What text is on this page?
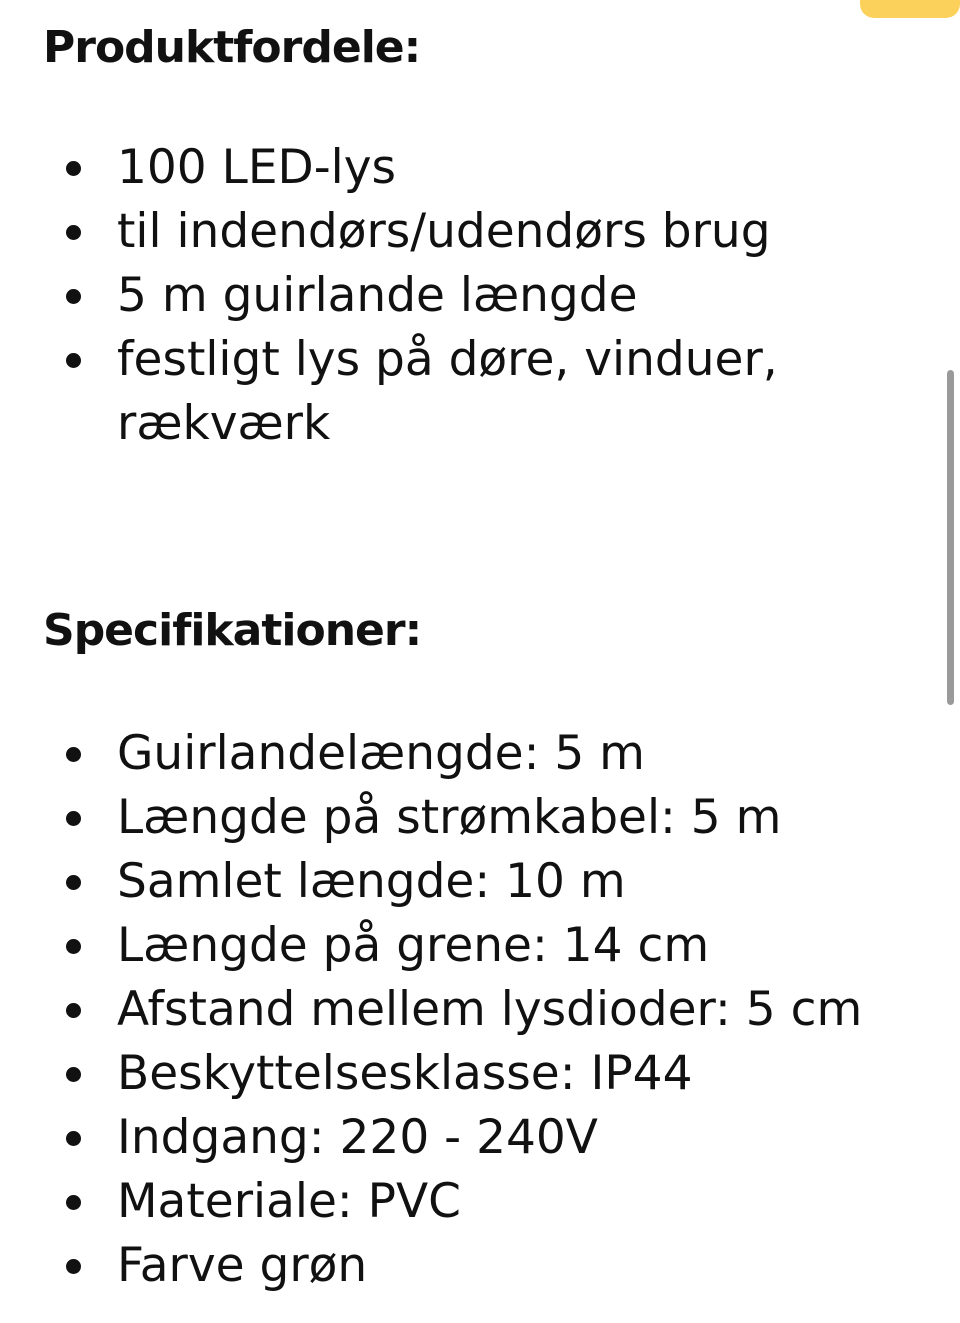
Produktfordele:
100 LED-lys
til indendørs/udendørs brug
5 m guirlande længde
festligt lys på døre, vinduer, rækværk
Specifikationer:
Guirlandelængde: 5 m
Længde på strømkabel: 5 m
Samlet længde: 10 m
Længde på grene: 14 cm
Afstand mellem lysdioder: 5 cm
Beskyttelsesklasse: IP44
Indgang: 220 - 240V
Materiale: PVC
Farve grøn
